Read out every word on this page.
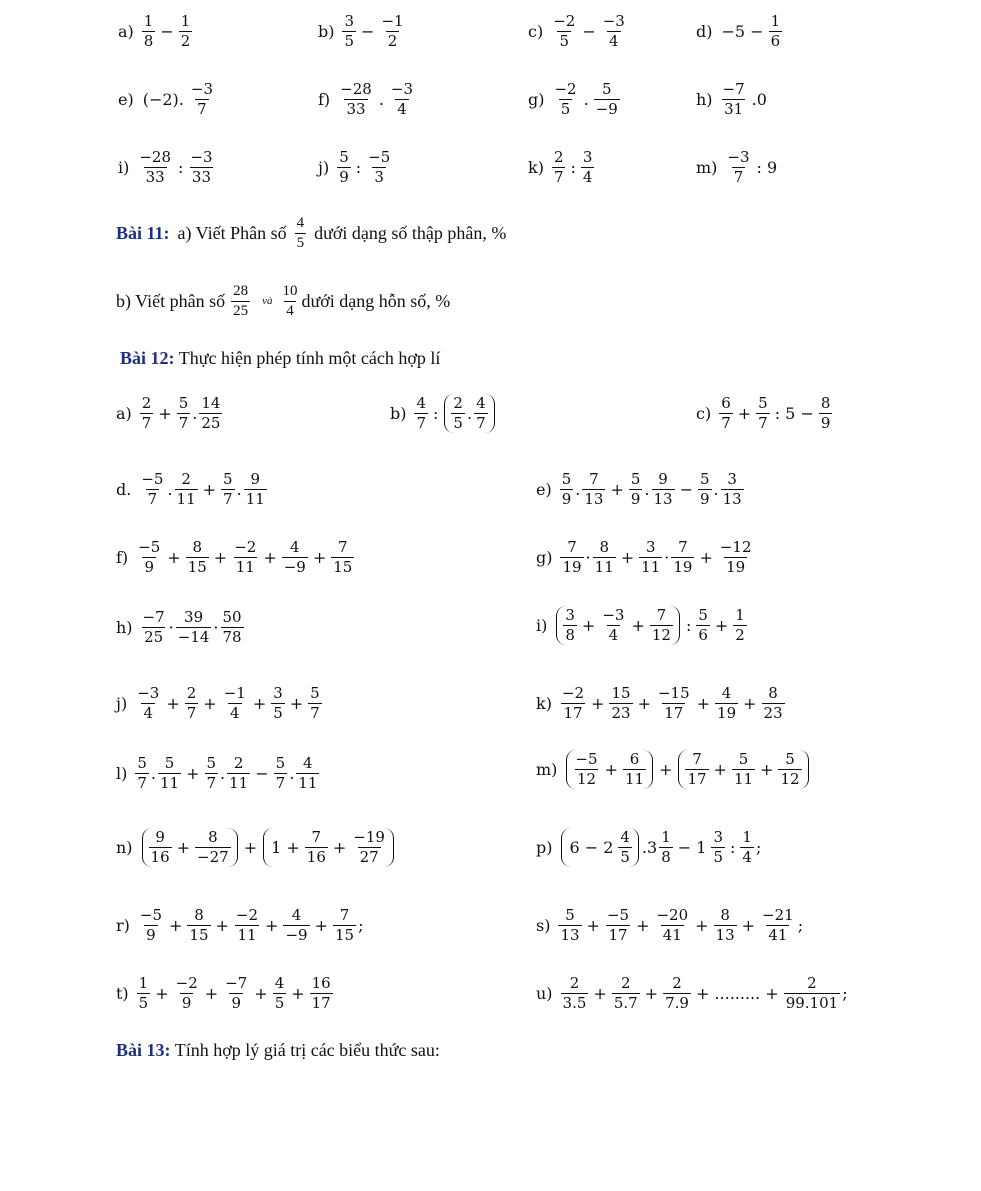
$a) \frac{1}{8} - \frac{1}{2}$	$b) \frac{3}{5} - \frac{-1}{2}$	$c) \frac{-2}{5} - \frac{-3}{4}$	$d) -5 - \frac{1}{6}$
e) (−2). $\frac{-3}{7}$	$f) \frac{-28}{33}$ . $\frac{-3}{4}$	$g) \frac{-2}{5}$ . $\frac{5}{-9}$	$h) \frac{-7}{31} .0$
$i) \frac{-28}{33}$ : $\frac{-3}{33}$	$j) \frac{5}{9}$ : $\frac{-5}{3}$	$k) \frac{2}{7}$ : $\frac{3}{4}$	$m) \frac{-3}{7}$ : 9
Bài 11: a) Viết Phân số $\frac{4}{5}$ dưới dạng số thập phân, %
b) Viết phân số $\frac{28}{25}$ và $\frac{10}{4}$ dưới dạng hỗn số, %
Bài 12: Thực hiện phép tính một cách hợp lí
$a) \frac{2}{7} + \frac{5}{7}$ . $\frac{14}{25}$	$b) \frac{4}{7}$ : $\frac{2}{5}$ . $\frac{4}{7}$	$c) \frac{6}{7} + \frac{5}{7}$ : $5 - \frac{8}{9}$
d. $\frac{-5}{7}$ . $\frac{2}{11} + \frac{5}{7}$ . $\frac{9}{11}$	$e) \frac{5}{9}$ . $\frac{7}{13} + \frac{5}{9}$ . $\frac{9}{13} - \frac{5}{9}$ . $\frac{3}{13}$
$f) \frac{-5}{9} + \frac{8}{15} + \frac{-2}{11} + \frac{4}{-9} + \frac{7}{15}$	$g) \frac{7}{19} \cdot \frac{8}{11} + \frac{3}{11} \cdot \frac{7}{19} + \frac{-12}{19}$
$h) \frac{-7}{25} \cdot \frac{39}{-14} \cdot \frac{50}{78}$	$i) \frac{3}{8} + \frac{-3}{4} + \frac{7}{12}$ : $\frac{5}{6} + \frac{1}{2}$
$j) \frac{-3}{4} + \frac{2}{7} + \frac{-1}{4} + \frac{3}{5} + \frac{5}{7}$	$k) \frac{-2}{17} + \frac{15}{23} + \frac{-15}{17} + \frac{4}{19} + \frac{8}{23}$
$l) \frac{5}{7}$ . $\frac{5}{11} + \frac{5}{7}$ . $\frac{2}{11} - \frac{5}{7}$ . $\frac{4}{11}$	$m) \frac{-5}{12} + \frac{6}{11} + \frac{7}{17} + \frac{5}{11} + \frac{5}{12}$
$n) \frac{9}{16} + \frac{8}{-27} + 1 + \frac{7}{16} + \frac{-19}{27}$	p) $6 - 2 \frac{4}{5} .3 \frac{1}{8} - 1 \frac{3}{5}$ : $\frac{1}{4}$ ;
$r) \frac{-5}{9} + \frac{8}{15} + \frac{-2}{11} + \frac{4}{-9} + \frac{7}{15}$ ;	$s) \frac{5}{13} + \frac{-5}{17} + \frac{-20}{41} + \frac{8}{13} + \frac{-21}{41}$ ;
$t) \frac{1}{5} + \frac{-2}{9} + \frac{-7}{9} + \frac{4}{5} + \frac{16}{17}$	$u) \frac{2}{3.5} + \frac{2}{5.7} + \frac{2}{7.9}$ + ......... + $\frac{2}{99.101}$ ;
Bài 13: Tính hợp lý giá trị các biểu thức sau:
